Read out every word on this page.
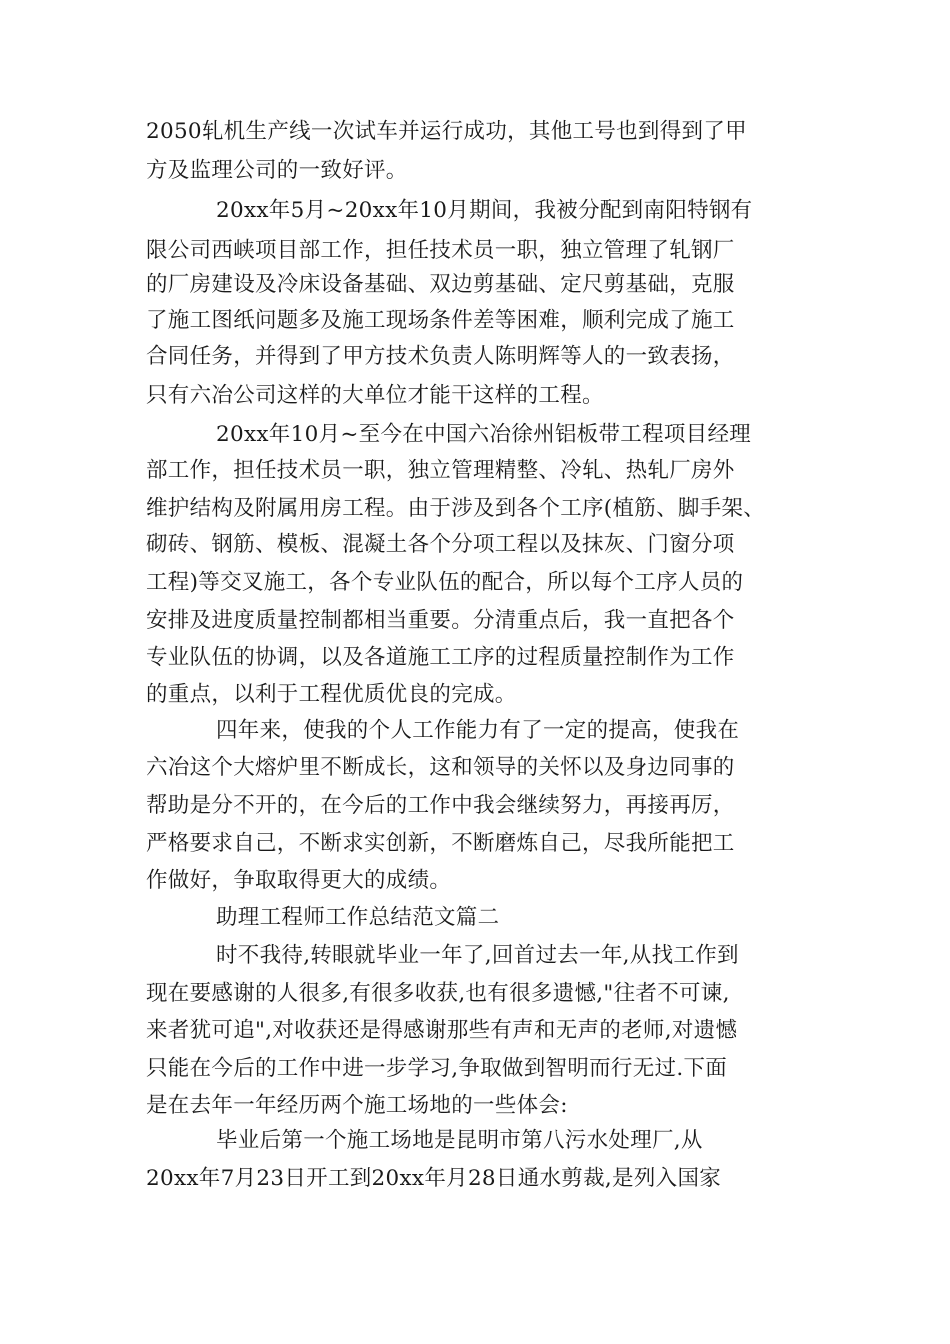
2050轧机生产线一次试车并运行成功，其他工号也到得到了甲
方及监理公司的一致好评。
20xx年5月~20xx年10月期间，我被分配到南阳特钢有
限公司西峡项目部工作，担任技术员一职，独立管理了轧钢厂
的厂房建设及冷床设备基础、双边剪基础、定尺剪基础，克服
了施工图纸问题多及施工现场条件差等困难，顺利完成了施工
合同任务，并得到了甲方技术负责人陈明辉等人的一致表扬，
只有六冶公司这样的大单位才能干这样的工程。
20xx年10月~至今在中国六冶徐州铝板带工程项目经理
部工作，担任技术员一职，独立管理精整、冷轧、热轧厂房外
维护结构及附属用房工程。由于涉及到各个工序(植筋、脚手架、
砌砖、钢筋、模板、混凝土各个分项工程以及抹灰、门窗分项
工程)等交叉施工，各个专业队伍的配合，所以每个工序人员的
安排及进度质量控制都相当重要。分清重点后，我一直把各个
专业队伍的协调，以及各道施工工序的过程质量控制作为工作
的重点，以利于工程优质优良的完成。
四年来，使我的个人工作能力有了一定的提高，使我在
六冶这个大熔炉里不断成长，这和领导的关怀以及身边同事的
帮助是分不开的，在今后的工作中我会继续努力，再接再厉，
严格要求自己，不断求实创新，不断磨炼自己，尽我所能把工
作做好，争取取得更大的成绩。
助理工程师工作总结范文篇二
时不我待,转眼就毕业一年了,回首过去一年,从找工作到
现在要感谢的人很多,有很多收获,也有很多遗憾,"往者不可谏,
来者犹可追",对收获还是得感谢那些有声和无声的老师,对遗憾
只能在今后的工作中进一步学习,争取做到智明而行无过.下面
是在去年一年经历两个施工场地的一些体会:
毕业后第一个施工场地是昆明市第八污水处理厂,从
20xx年7月23日开工到20xx年月28日通水剪裁,是列入国家
